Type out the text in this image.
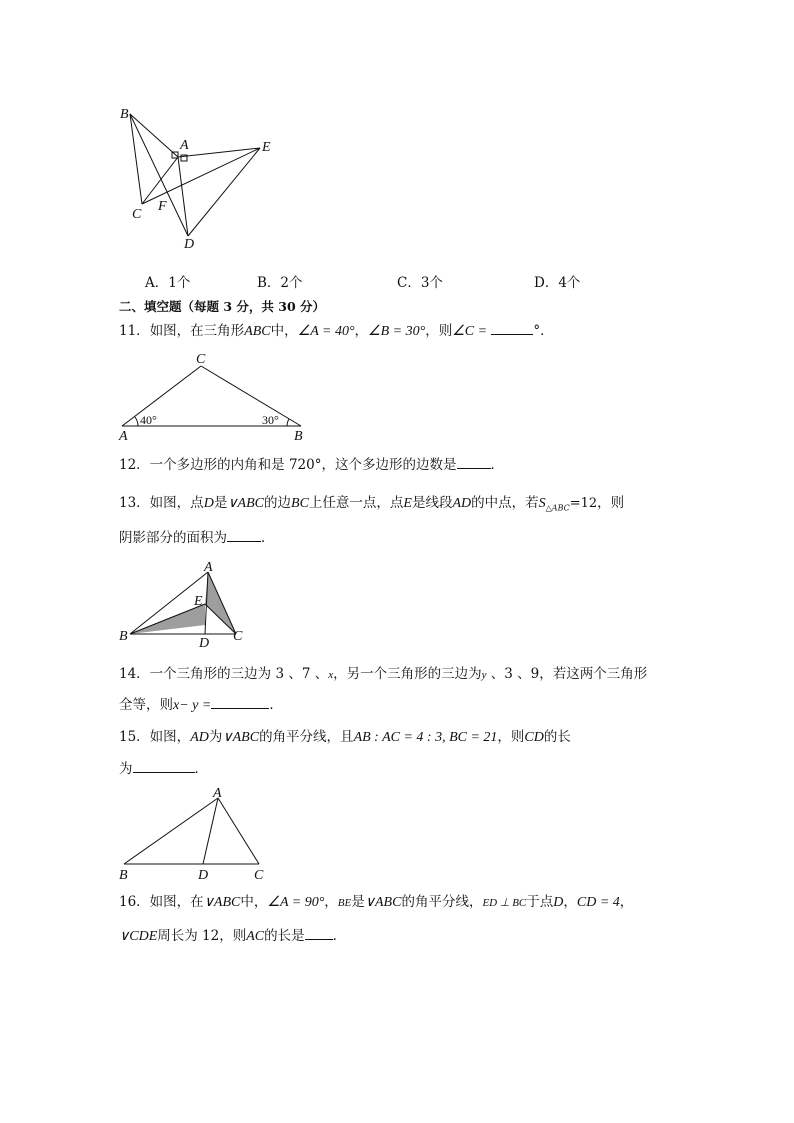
B
A	E
C
F
D
A．1个	B．2个	C．3个	D．4个
二、填空题（每题 3 分，共 30 分）
11．如图，在三角形ABC中，∠A = 40°，∠B = 30°，则∠C =	°．
C
A	B
40°	30°
12．一个多边形的内角和是 720°，这个多边形的边数是	．
13．如图，点D是∨ABC的边BC上任意一点，点E是线段AD的中点，若$S_{\triangle ABC}=12$，则
阴影部分的面积为	．
A
E
B	D C
14．一个三角形的三边为 3 、7 、x，另一个三角形的三边为y 、3 、9，若这两个三角形
全等，则x− y =	．
15．如图，AD为∨ABC的角平分线，且AB : AC = 4 : 3, BC = 21，则CD的长
为	．
A
B	D	C
16．如图，在∨ABC中，∠A = 90°，BE是∨ABC的角平分线，ED ⊥ BC于点D，CD = 4，
∨CDE周长为 12，则AC的长是 ．
